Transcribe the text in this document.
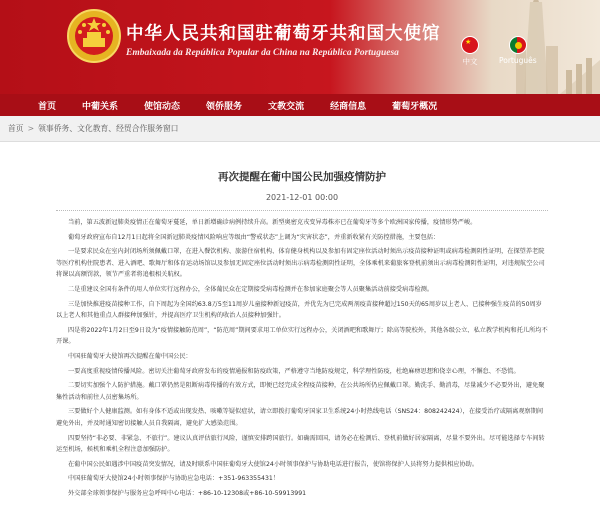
中华人民共和国驻葡萄牙共和国大使馆
Embaixada da República Popular da China na República Portuguesa
★
中文	Português
首页	中葡关系	使馆动态	领侨服务	文教交流	经商信息	葡萄牙概况
首页 > 领事侨务、文化教育、经贸合作服务窗口
再次提醒在葡中国公民加强疫情防护
2021-12-01 00:00

当前，第五波新冠肺炎疫情正在葡萄牙蔓延，单日新增确诊病例持续升高。新型奥密克戎变异毒株亦已在葡萄牙等多个欧洲国家传播，疫情形势严峻。

葡萄牙政府宣布自12月1日起将全国新冠肺炎疫情风险响应等级由“警戒状态”上调为“灾害状态”，并重新收紧有关防控措施，主要包括：

一是要求民众在室内封闭场所须佩戴口罩，在进入餐饮机构、旅游住宿机构、体育健身机构以及参加有固定座位活动时须出示疫苗接种证明或病毒检测阴性证明，在探望养老院等医疗机构住院患者、进入酒吧、歌舞厅和体育运动场馆以及参加无固定座位活动时须出示病毒检测阴性证明，全体乘机来葡旅客登机前须出示病毒检测阴性证明，对违规航空公司将课以高额罚款，领节严重者将追根相关航权。

二是重建议全国有条件的用人单位实行远程办公，全体葡民众在定期接受病毒检测并在参加家庭聚会等人员聚集活动前接受病毒检测。

三是加快推进疫苗接种工作，自下周起为全国约63.8万5至11周岁儿童接种新冠疫苗，并优先为已完成两剂疫苗接种超过150天的65周岁以上老人、已接种强生疫苗的50周岁以上老人和其他重点人群接种加强针，并提高医疗卫生机构的收治人员接种加强针。

四是将2022年1月2日至9日设为“疫情接触防范周”，“防范周”期间要求用工单位实行远程办公，关闭酒吧和歌舞厅；除高等院校外，其他各级公立、私立教学机构和托儿所均不开课。

中国驻葡萄牙大使馆再次提醒在葡中国公民：

一要高度重视疫情传播风险。密切关注葡萄牙政府发布的疫情通报和防疫政策，严格遵守当地防疫规定，科学理性防疫，杜绝麻痹思想和侥幸心理，不懈怠、不恐慌。

二要切实加强个人防护措施。戴口罩仍然是阻断病毒传播的有效方式，即便已经完成全程疫苗接种，在公共场所仍应佩戴口罩。勤洗手、勤消毒，尽量减少不必要外出，避免聚集性活动和前往人员密集场所。

三要做好个人健康监测。如有身体不适或出现发热、咳嗽等疑似症状，请立即拨打葡萄牙国家卫生系统24小时热线电话（SNS24：808242424），在接受治疗或隔离观察期间避免外出，并及时通知密切接触人员自我隔离，避免扩大感染范围。

四要坚持“非必要、非紧急、不旅行”。建议认真评估旅行风险，谨慎安排跨国旅行。如确需回国，请务必在检测后、登机前做好居家隔离，尽量不要外出。尽可能选择专车间转运至机场，候机和乘机全程注意加强防护。

在葡中国公民如遇涉中国疫苗突发情况，请及时联系中国驻葡萄牙大使馆24小时领事保护与协助电话进行报告，使馆将保护人员将努力提供相应协助。

中国驻葡萄牙大使馆24小时领事保护与协助应急电话：+351-963355431！

外交部全球领事保护与服务应急呼叫中心电话：+86-10-12308或+86-10-59913991
